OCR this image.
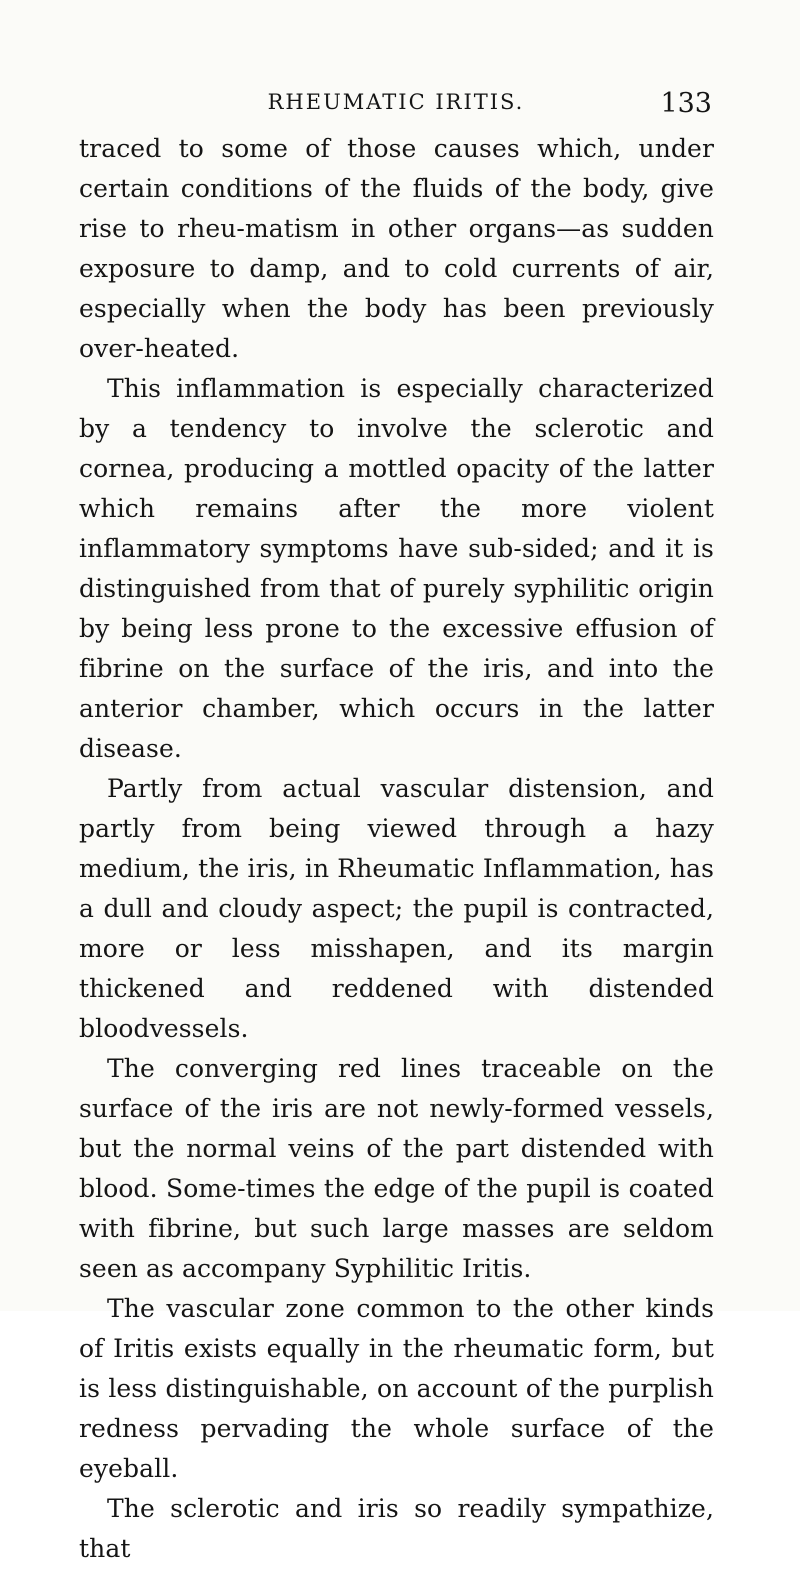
RHEUMATIC IRITIS.	133

traced to some of those causes which, under certain conditions of the fluids of the body, give rise to rheu-matism in other organs—as sudden exposure to damp, and to cold currents of air, especially when the body has been previously over-heated.

This inflammation is especially characterized by a tendency to involve the sclerotic and cornea, producing a mottled opacity of the latter which remains after the more violent inflammatory symptoms have sub-sided; and it is distinguished from that of purely syphilitic origin by being less prone to the excessive effusion of fibrine on the surface of the iris, and into the anterior chamber, which occurs in the latter disease.

Partly from actual vascular distension, and partly from being viewed through a hazy medium, the iris, in Rheumatic Inflammation, has a dull and cloudy aspect; the pupil is contracted, more or less misshapen, and its margin thickened and reddened with distended bloodvessels.

The converging red lines traceable on the surface of the iris are not newly-formed vessels, but the normal veins of the part distended with blood. Some-times the edge of the pupil is coated with fibrine, but such large masses are seldom seen as accompany Syphilitic Iritis.

The vascular zone common to the other kinds of Iritis exists equally in the rheumatic form, but is less distinguishable, on account of the purplish redness pervading the whole surface of the eyeball.

The sclerotic and iris so readily sympathize, that
